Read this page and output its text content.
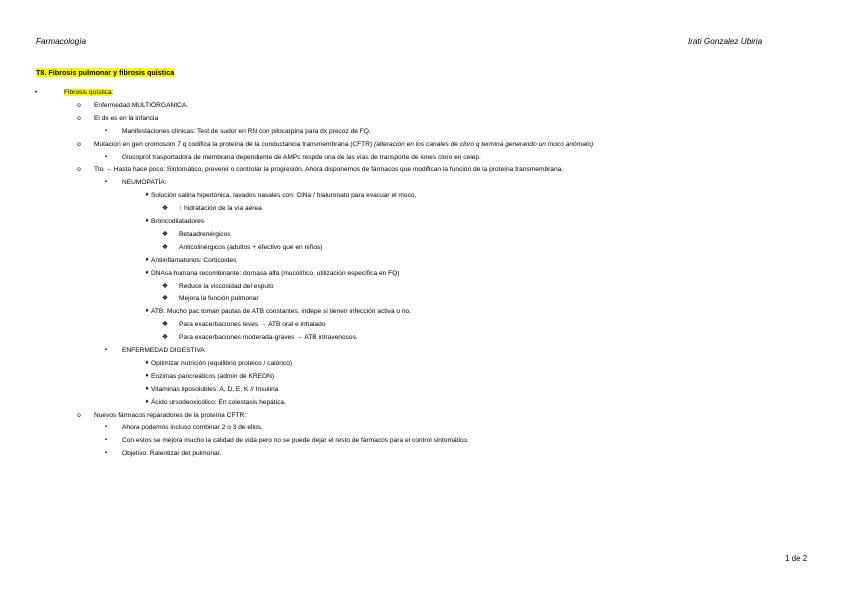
Farmacología	Irati Gonzalez Ubiria
T8. Fibrosis pulmonar y fibrosis quística
•	Fibrosis quística:
o	Enfermedad MULTIÓRGANICA.
o	El dx es en la infancia
▪	Manifestaciones clínicas: Test de sudor en RN con pilocarpina para dx precoz de FQ.
o	Mutación en gen cromosom 7 q codifica la proteína de la conductancia transmembrana (CFTR) (alteración en los canales de cloro q termina generando un moco anómalo)
▪	Glucoprot trasportadora de membrana dependiente de AMPc respde una de las vías de transporte de iones cloro en celep.
o	Tto → Hasta hace poco: Sintomático, prevenir o controlar la progresión. Ahora disponemos de fármacos que modifican la función de la proteína transmembrana.
▪	NEUMOPATÍA:
♦ Solución salina hipertónica, lavados nasales con: ClNa / hialuronato para evacuar el moco.
❖ ↑ hidratación de la vía aérea
♦ Broncodilatadores
❖ Betaadrenérgicos
❖ Anticolinérgicos (adultos + efectivo que en niños)
♦ Antiinflamatorios: Corticoides
♦ DNAsa humana recombinante: dornasa alfa (mucolítico, utilización específica en FQ)
❖ Reduce la viscosidad del esputo
❖ Mejora la función pulmonar
♦ ATB. Mucho pac toman pautas de ATB constantes, indepe si tienen infección activa o no.
❖ Para exacerbaciones leves → ATB oral e inhalado
❖ Para exacerbaciones moderada-graves → ATB intravenosos.
▪	ENFERMEDAD DIGESTIVA
♦ Optimizar nutrición (equilibrio proteico / calórico)
♦ Enzimas pancreáticos (admin de KREON)
♦ Vitaminas liposolubles: A, D, E, K // Insulina
♦ Ácido ursodeoxicólico: En colestasis hepática.
o	Nuevos fármacos reparadores de la proteína CFTR:
▪	Ahora podemos incluso combinar 2 o 3 de ellos.
▪	Con estos se mejora mucho la calidad de vida pero no se puede dejar el resto de fármacos para el control sintomático.
▪	Objetivo: Ralentizar det pulmonar.
1 de 2
